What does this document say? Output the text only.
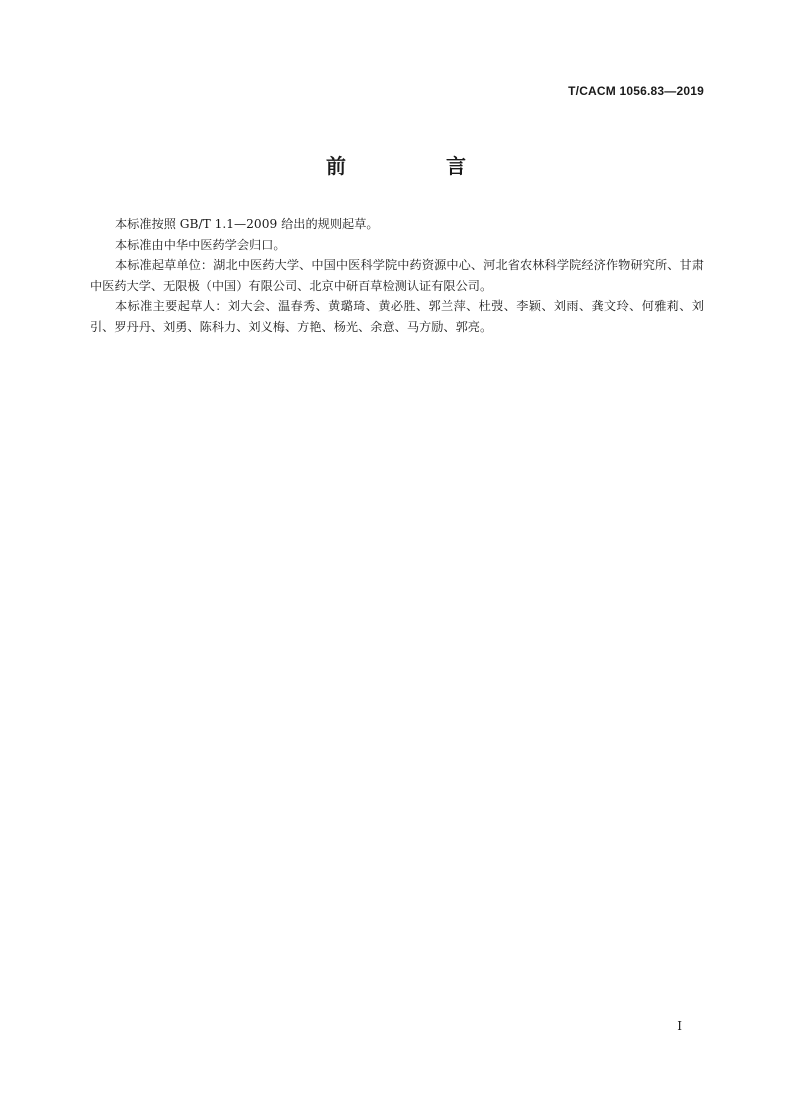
T/CACM 1056.83—2019
前　言

本标准按照 GB/T 1.1—2009 给出的规则起草。

本标准由中华中医药学会归口。

本标准起草单位：湖北中医药大学、中国中医科学院中药资源中心、河北省农林科学院经济作物研究所、甘肃中医药大学、无限极（中国）有限公司、北京中研百草检测认证有限公司。

本标准主要起草人：刘大会、温春秀、黄璐琦、黄必胜、郭兰萍、杜弢、李颖、刘雨、龚文玲、何雅莉、刘引、罗丹丹、刘勇、陈科力、刘义梅、方艳、杨光、余意、马方励、郭亮。

I
